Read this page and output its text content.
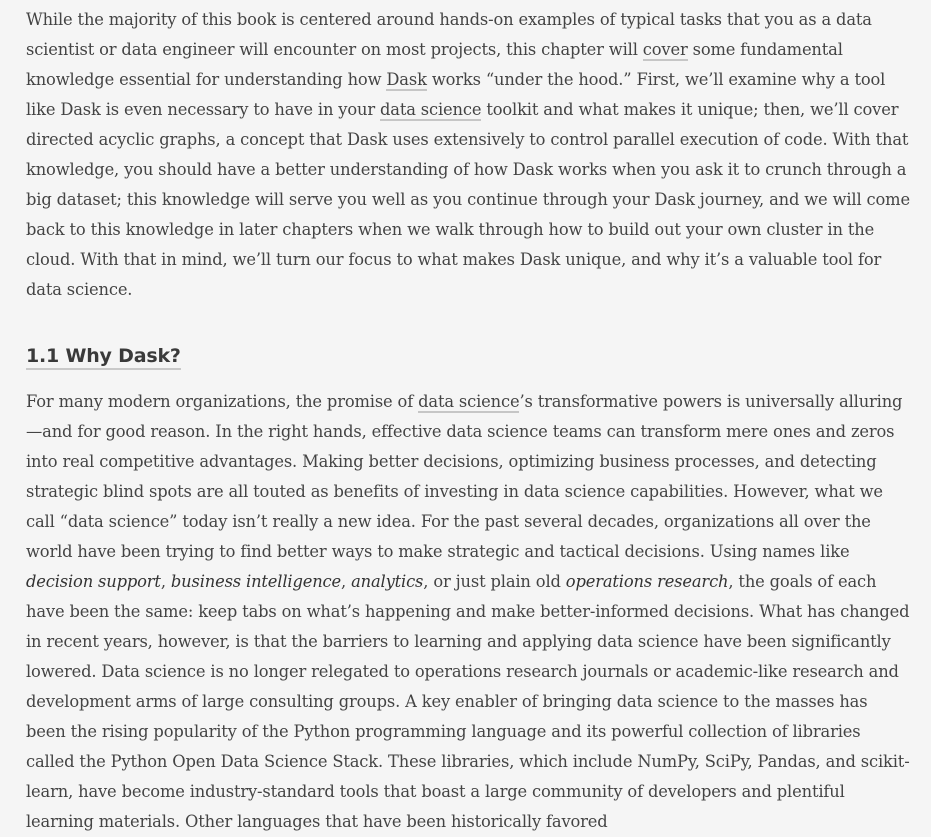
While the majority of this book is centered around hands-on examples of typical tasks that you as a data scientist or data engineer will encounter on most projects, this chapter will cover some fundamental knowledge essential for understanding how Dask works “under the hood.” First, we’ll examine why a tool like Dask is even necessary to have in your data science toolkit and what makes it unique; then, we’ll cover directed acyclic graphs, a concept that Dask uses extensively to control parallel execution of code. With that knowledge, you should have a better understanding of how Dask works when you ask it to crunch through a big dataset; this knowledge will serve you well as you continue through your Dask journey, and we will come back to this knowledge in later chapters when we walk through how to build out your own cluster in the cloud. With that in mind, we’ll turn our focus to what makes Dask unique, and why it’s a valuable tool for data science.

1.1 Why Dask?

For many modern organizations, the promise of data science’s transformative powers is universally alluring—and for good reason. In the right hands, effective data science teams can transform mere ones and zeros into real competitive advantages. Making better decisions, optimizing business processes, and detecting strategic blind spots are all touted as benefits of investing in data science capabilities. However, what we call “data science” today isn’t really a new idea. For the past several decades, organizations all over the world have been trying to find better ways to make strategic and tactical decisions. Using names like decision support, business intelligence, analytics, or just plain old operations research, the goals of each have been the same: keep tabs on what’s happening and make better-informed decisions. What has changed in recent years, however, is that the barriers to learning and applying data science have been significantly lowered. Data science is no longer relegated to operations research journals or academic-like research and development arms of large consulting groups. A key enabler of bringing data science to the masses has been the rising popularity of the Python programming language and its powerful collection of libraries called the Python Open Data Science Stack. These libraries, which include NumPy, SciPy, Pandas, and scikit-learn, have become industry-standard tools that boast a large community of developers and plentiful learning materials. Other languages that have been historically favored
